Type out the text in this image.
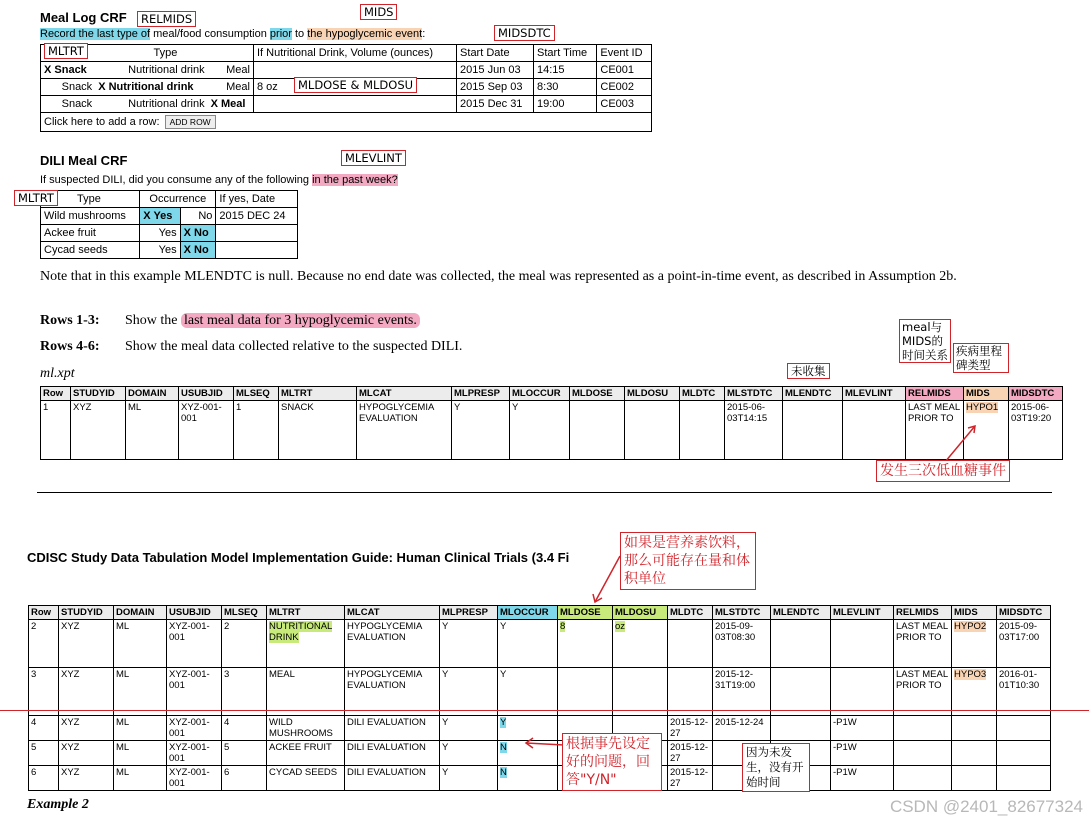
Meal Log CRF
Record the last type of meal/food consumption prior to the hypoglycemic event:
Type			If Nutritional Drink, Volume (ounces)	Start Date	Start Time	Event ID
X Snack	Nutritional drink	Meal		2015 Jun 03	14:15	CE001
Snack	X Nutritional drink	Meal	8 oz	2015 Sep 03	8:30	CE002
Snack	Nutritional drink	X Meal		2015 Dec 31	19:00	CE003
Click here to add a row: ADD ROW						
RELMIDS	MIDS
MIDSDTC
MLTRT
MLDOSE & MLDOSU
DILI Meal CRF
If suspected DILI, did you consume any of the following in the past week?
MLEVLINT
Type	Occurrence		If yes, Date
Wild mushrooms	X Yes	No	2015 DEC 24
Ackee fruit	Yes	X No	
Cycad seeds	Yes	X No	
MLTRT
Note that in this example MLENDTC is null. Because no end date was collected, the meal was represented as a point-in-time event, as described in Assumption 2b.
Rows 1-3: Show the last meal data for 3 hypoglycemic events.
Rows 4-6: Show the meal data collected relative to the suspected DILI.
ml.xpt
meal与MIDS的时间关系 疾病里程碑类型
未收集
Row	STUDYID	DOMAIN	USUBJID	MLSEQ	MLTRT	MLCAT	MLPRESP	MLOCCUR	MLDOSE	MLDOSU	MLDTC	MLSTDTC	MLENDTC	MLEVLINT	RELMIDS	MIDS	MIDSDTC
1	XYZ	ML	XYZ-001-001	1	SNACK	HYPOGLYCEMIA EVALUATION	Y	Y				2015-06-03T14:15			LAST MEAL PRIOR TO	HYPO1	2015-06-03T19:20
发生三次低血糖事件
CDISC Study Data Tabulation Model Implementation Guide: Human Clinical Trials (3.4 Fi
如果是营养素饮料，那么可能存在量和体积单位
Row	STUDYID	DOMAIN	USUBJID	MLSEQ	MLTRT	MLCAT	MLPRESP	MLOCCUR	MLDOSE	MLDOSU	MLDTC	MLSTDTC	MLENDTC	MLEVLINT	RELMIDS	MIDS	MIDSDTC
2	XYZ	ML	XYZ-001-001	2	NUTRITIONAL DRINK	HYPOGLYCEMIA EVALUATION	Y	Y	8	oz		2015-09-03T08:30			LAST MEAL PRIOR TO	HYPO2	2015-09-03T17:00
3	XYZ	ML	XYZ-001-001	3	MEAL	HYPOGLYCEMIA EVALUATION	Y	Y				2015-12-31T19:00			LAST MEAL PRIOR TO	HYPO3	2016-01-01T10:30
4	XYZ	ML	XYZ-001-001	4	WILD MUSHROOMS	DILI EVALUATION	Y	Y			2015-12-27	2015-12-24		-P1W			
5	XYZ	ML	XYZ-001-001	5	ACKEE FRUIT	DILI EVALUATION	Y	N			2015-12-27			-P1W			
6	XYZ	ML	XYZ-001-001	6	CYCAD SEEDS	DILI EVALUATION	Y	N			2015-12-27			-P1W			
根据事先设定好的问题，回答"Y/N"
因为未发生，没有开始时间
Example 2	CSDN @2401_82677324
